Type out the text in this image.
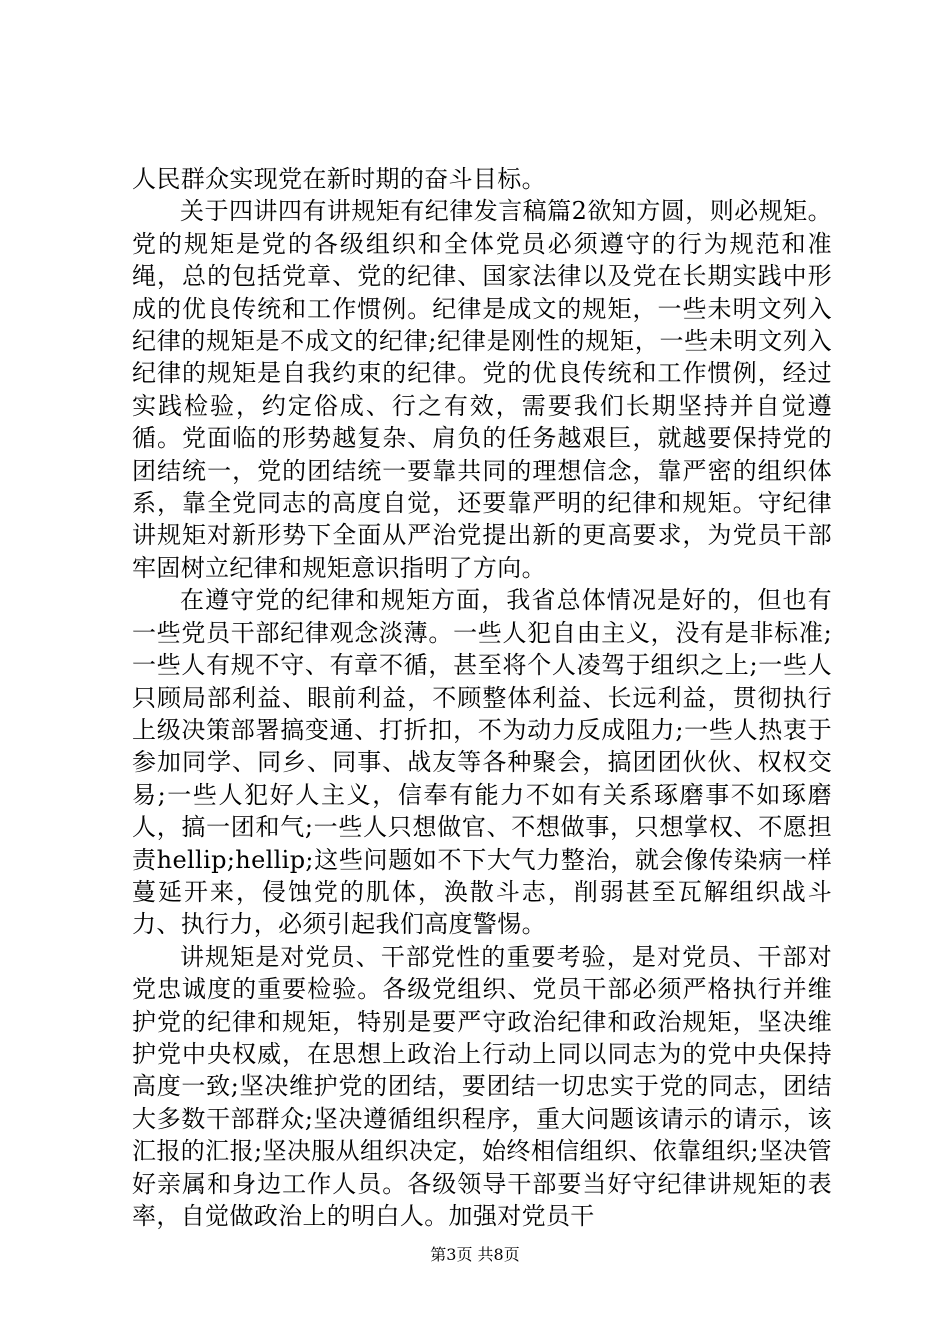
人民群众实现党在新时期的奋斗目标。

关于四讲四有讲规矩有纪律发言稿篇2欲知方圆，则必规矩。党的规矩是党的各级组织和全体党员必须遵守的行为规范和准绳，总的包括党章、党的纪律、国家法律以及党在长期实践中形成的优良传统和工作惯例。纪律是成文的规矩，一些未明文列入纪律的规矩是不成文的纪律;纪律是刚性的规矩，一些未明文列入纪律的规矩是自我约束的纪律。党的优良传统和工作惯例，经过实践检验，约定俗成、行之有效，需要我们长期坚持并自觉遵循。党面临的形势越复杂、肩负的任务越艰巨，就越要保持党的团结统一，党的团结统一要靠共同的理想信念，靠严密的组织体系，靠全党同志的高度自觉，还要靠严明的纪律和规矩。守纪律讲规矩对新形势下全面从严治党提出新的更高要求，为党员干部牢固树立纪律和规矩意识指明了方向。

在遵守党的纪律和规矩方面，我省总体情况是好的，但也有一些党员干部纪律观念淡薄。一些人犯自由主义，没有是非标准;一些人有规不守、有章不循，甚至将个人凌驾于组织之上;一些人只顾局部利益、眼前利益，不顾整体利益、长远利益，贯彻执行上级决策部署搞变通、打折扣，不为动力反成阻力;一些人热衷于参加同学、同乡、同事、战友等各种聚会，搞团团伙伙、权权交易;一些人犯好人主义，信奉有能力不如有关系琢磨事不如琢磨人，搞一团和气;一些人只想做官、不想做事，只想掌权、不愿担责hellip;hellip;这些问题如不下大气力整治，就会像传染病一样蔓延开来，侵蚀党的肌体，涣散斗志，削弱甚至瓦解组织战斗力、执行力，必须引起我们高度警惕。

讲规矩是对党员、干部党性的重要考验，是对党员、干部对党忠诚度的重要检验。各级党组织、党员干部必须严格执行并维护党的纪律和规矩，特别是要严守政治纪律和政治规矩，坚决维护党中央权威，在思想上政治上行动上同以同志为的党中央保持高度一致;坚决维护党的团结，要团结一切忠实于党的同志，团结大多数干部群众;坚决遵循组织程序，重大问题该请示的请示，该汇报的汇报;坚决服从组织决定，始终相信组织、依靠组织;坚决管好亲属和身边工作人员。各级领导干部要当好守纪律讲规矩的表率，自觉做政治上的明白人。加强对党员干

第3页 共8页
